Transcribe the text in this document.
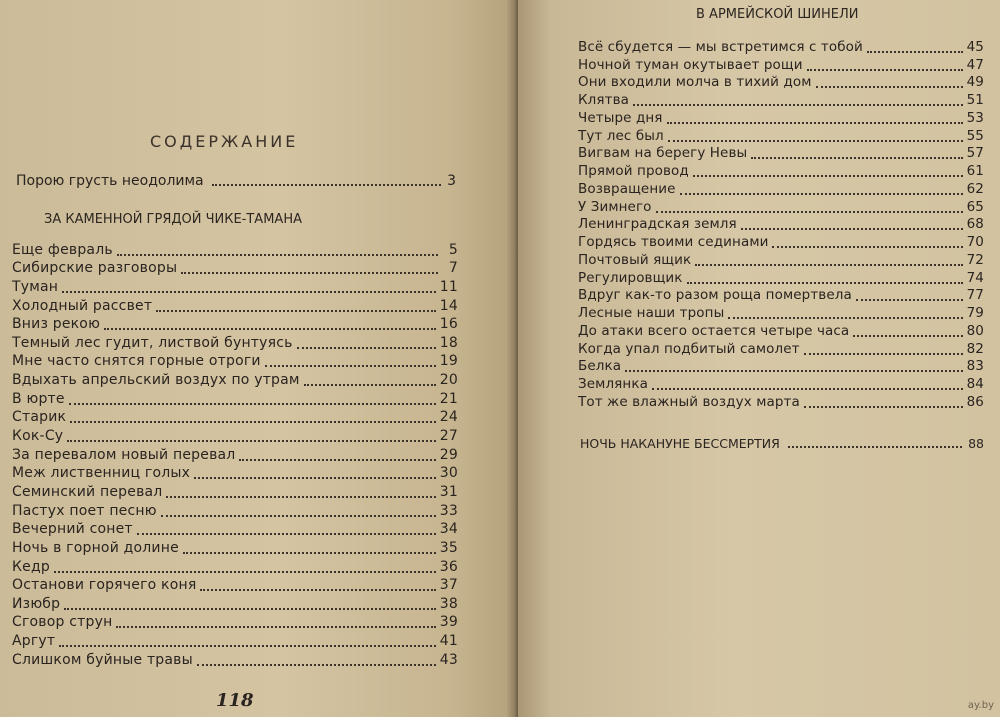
СОДЕРЖАНИЕ
Порою грусть неодолима	3
ЗА КАМЕННОЙ ГРЯДОЙ ЧИКЕ-ТАМАНА
Еще февраль	5
Сибирские разговоры	7
Туман	11
Холодный рассвет	14
Вниз рекою	16
Темный лес гудит, листвой бунтуясь	18
Мне часто снятся горные отроги	19
Вдыхать апрельский воздух по утрам	20
В юрте	21
Старик	24
Кок-Су	27
За перевалом новый перевал	29
Меж лиственниц голых	30
Семинский перевал	31
Пастух поет песню	33
Вечерний сонет	34
Ночь в горной долине	35
Кедр	36
Останови горячего коня	37
Изюбр	38
Сговор струн	39
Аргут	41
Слишком буйные травы	43
118
В АРМЕЙСКОЙ ШИНЕЛИ
Всё сбудется — мы встретимся с тобой	45
Ночной туман окутывает рощи	47
Они входили молча в тихий дом	49
Клятва	51
Четыре дня	53
Тут лес был	55
Вигвам на берегу Невы	57
Прямой провод	61
Возвращение	62
У Зимнего	65
Ленинградская земля	68
Гордясь твоими сединами	70
Почтовый ящик	72
Регулировщик	74
Вдруг как-то разом роща помертвела	77
Лесные наши тропы	79
До атаки всего остается четыре часа	80
Когда упал подбитый самолет	82
Белка	83
Землянка	84
Тот же влажный воздух марта	86
НОЧЬ НАКАНУНЕ БЕССМЕРТИЯ	88
ay.by
